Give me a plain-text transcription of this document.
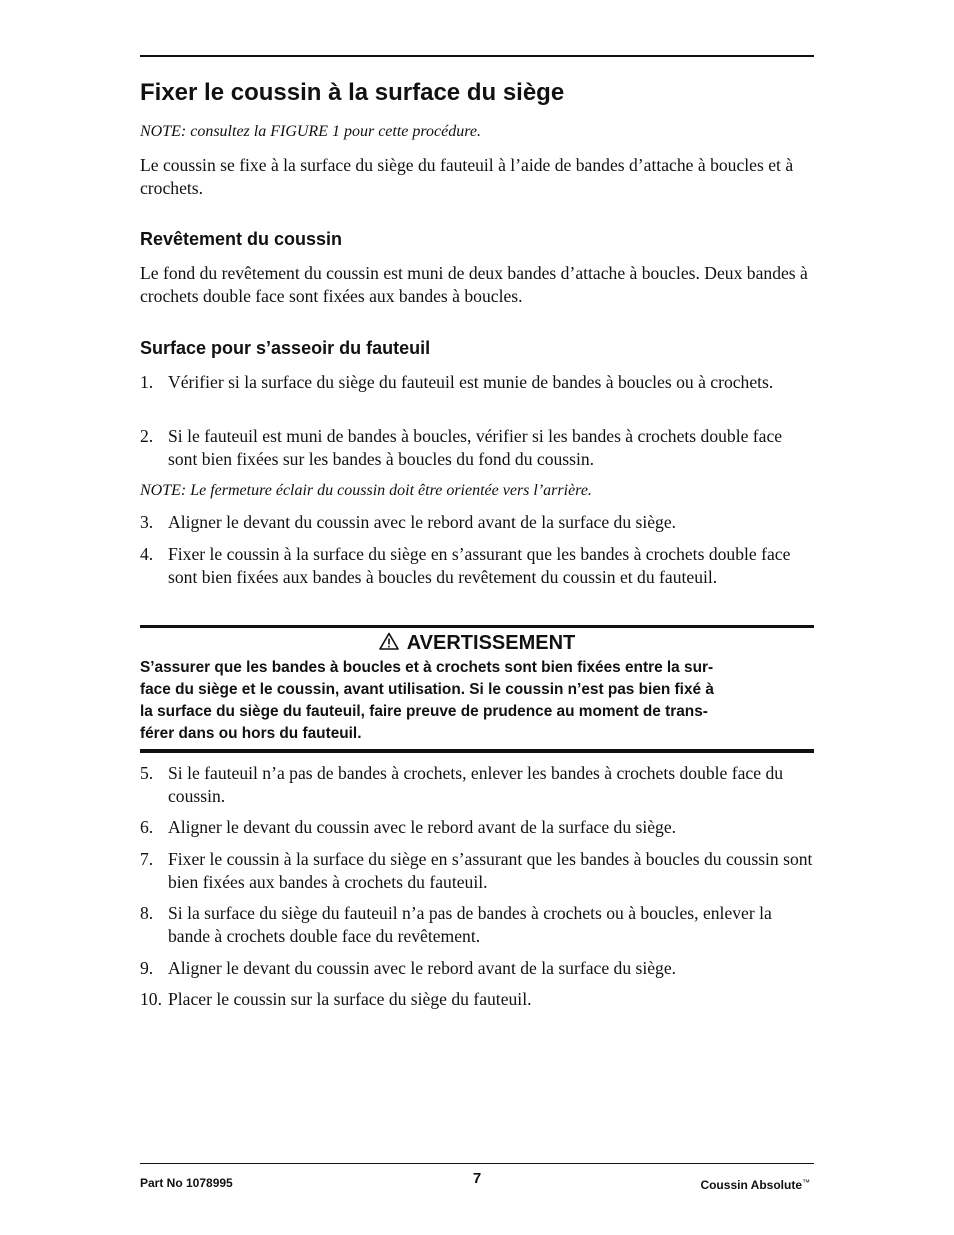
Fixer le coussin à la surface du siège

NOTE: consultez la FIGURE 1 pour cette procédure.

Le coussin se fixe à la surface du siège du fauteuil à l’aide de bandes d’attache à boucles et à crochets.

Revêtement du coussin

Le fond du revêtement du coussin est muni de deux bandes d’attache à boucles. Deux bandes à crochets double face sont fixées aux bandes à boucles.

Surface pour s’asseoir du fauteuil
1. Vérifier si la surface du siège du fauteuil est munie de bandes à boucles ou à crochets.
2. Si le fauteuil est muni de bandes à boucles, vérifier si les bandes à crochets double face sont bien fixées sur les bandes à boucles du fond du coussin.

NOTE: Le fermeture éclair du coussin doit être orientée vers l’arrière.

3. Aligner le devant du coussin avec le rebord avant de la surface du siège.
4. Fixer le coussin à la surface du siège en s’assurant que les bandes à crochets double face sont bien fixées aux bandes à boucles du revêtement du coussin et du fauteuil.
AVERTISSEMENT
S’assurer que les bandes à boucles et à crochets sont bien fixées entre la sur-
face du siège et le coussin, avant utilisation. Si le coussin n’est pas bien fixé à
la surface du siège du fauteuil, faire preuve de prudence au moment de trans-
férer dans ou hors du fauteuil.
5. Si le fauteuil n’a pas de bandes à crochets, enlever les bandes à crochets double face du coussin.
6. Aligner le devant du coussin avec le rebord avant de la surface du siège.
7. Fixer le coussin à la surface du siège en s’assurant que les bandes à boucles du coussin sont bien fixées aux bandes à crochets du fauteuil.
8. Si la surface du siège du fauteuil n’a pas de bandes à crochets ou à boucles, enlever la bande à crochets double face du revêtement.
9. Aligner le devant du coussin avec le rebord avant de la surface du siège.
10. Placer le coussin sur la surface du siège du fauteuil.
Part No 1078995	7	Coussin Absolute™
